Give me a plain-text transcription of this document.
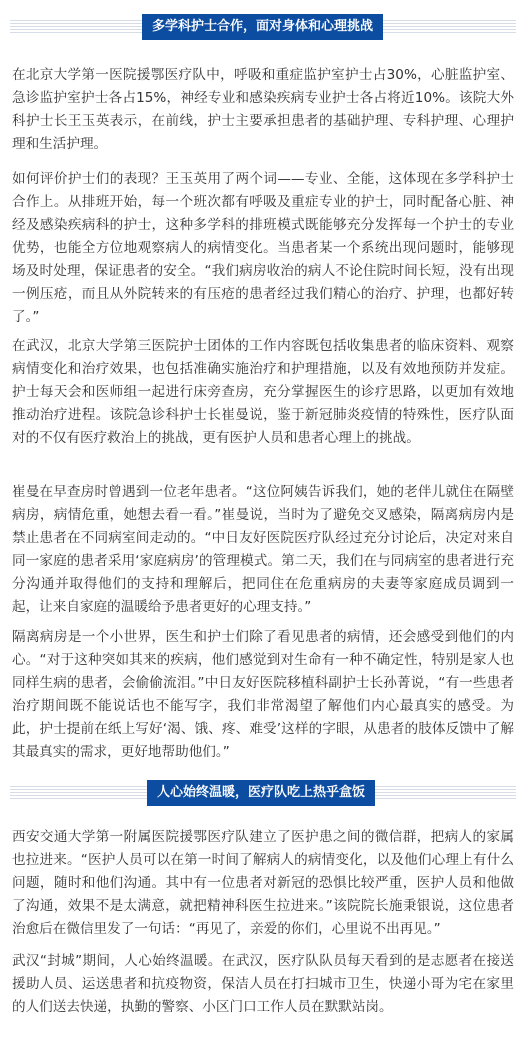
多学科护士合作，面对身体和心理挑战

在北京大学第一医院援鄂医疗队中，呼吸和重症监护室护士占30%，心脏监护室、急诊监护室护士各占15%，神经专业和感染疾病专业护士各占将近10%。该院大外科护士长王玉英表示，在前线，护士主要承担患者的基础护理、专科护理、心理护理和生活护理。

如何评价护士们的表现？王玉英用了两个词——专业、全能，这体现在多学科护士合作上。从排班开始，每一个班次都有呼吸及重症专业的护士，同时配备心脏、神经及感染疾病科的护士，这种多学科的排班模式既能够充分发挥每一个护士的专业优势，也能全方位地观察病人的病情变化。当患者某一个系统出现问题时，能够现场及时处理，保证患者的安全。“我们病房收治的病人不论住院时间长短，没有出现一例压疮，而且从外院转来的有压疮的患者经过我们精心的治疗、护理，也都好转了。”

在武汉，北京大学第三医院护士团体的工作内容既包括收集患者的临床资料、观察病情变化和治疗效果，也包括准确实施治疗和护理措施，以及有效地预防并发症。护士每天会和医师组一起进行床旁查房，充分掌握医生的诊疗思路，以更加有效地推动治疗进程。该院急诊科护士长崔曼说，鉴于新冠肺炎疫情的特殊性，医疗队面对的不仅有医疗救治上的挑战，更有医护人员和患者心理上的挑战。

崔曼在早查房时曾遇到一位老年患者。“这位阿姨告诉我们，她的老伴儿就住在隔壁病房，病情危重，她想去看一看。”崔曼说，当时为了避免交叉感染，隔离病房内是禁止患者在不同病室间走动的。“中日友好医院医疗队经过充分讨论后，决定对来自同一家庭的患者采用‘家庭病房’的管理模式。第二天，我们在与同病室的患者进行充分沟通并取得他们的支持和理解后，把同住在危重病房的夫妻等家庭成员调到一起，让来自家庭的温暖给予患者更好的心理支持。”

隔离病房是一个小世界，医生和护士们除了看见患者的病情，还会感受到他们的内心。“对于这种突如其来的疾病，他们感觉到对生命有一种不确定性，特别是家人也同样生病的患者，会偷偷流泪。”中日友好医院移植科副护士长孙菁说，“有一些患者治疗期间既不能说话也不能写字，我们非常渴望了解他们内心最真实的感受。为此，护士提前在纸上写好‘渴、饿、疼、难受’这样的字眼，从患者的肢体反馈中了解其最真实的需求，更好地帮助他们。”

人心始终温暖，医疗队吃上热乎盒饭

西安交通大学第一附属医院援鄂医疗队建立了医护患之间的微信群，把病人的家属也拉进来。“医护人员可以在第一时间了解病人的病情变化，以及他们心理上有什么问题，随时和他们沟通。其中有一位患者对新冠的恐惧比较严重，医护人员和他做了沟通，效果不是太满意，就把精神科医生拉进来。”该院院长施秉银说，这位患者治愈后在微信里发了一句话：“再见了，亲爱的你们，心里说不出再见。”

武汉“封城”期间，人心始终温暖。在武汉，医疗队队员每天看到的是志愿者在接送援助人员、运送患者和抗疫物资，保洁人员在打扫城市卫生，快递小哥为宅在家里的人们送去快递，执勤的警察、小区门口工作人员在默默站岗。
